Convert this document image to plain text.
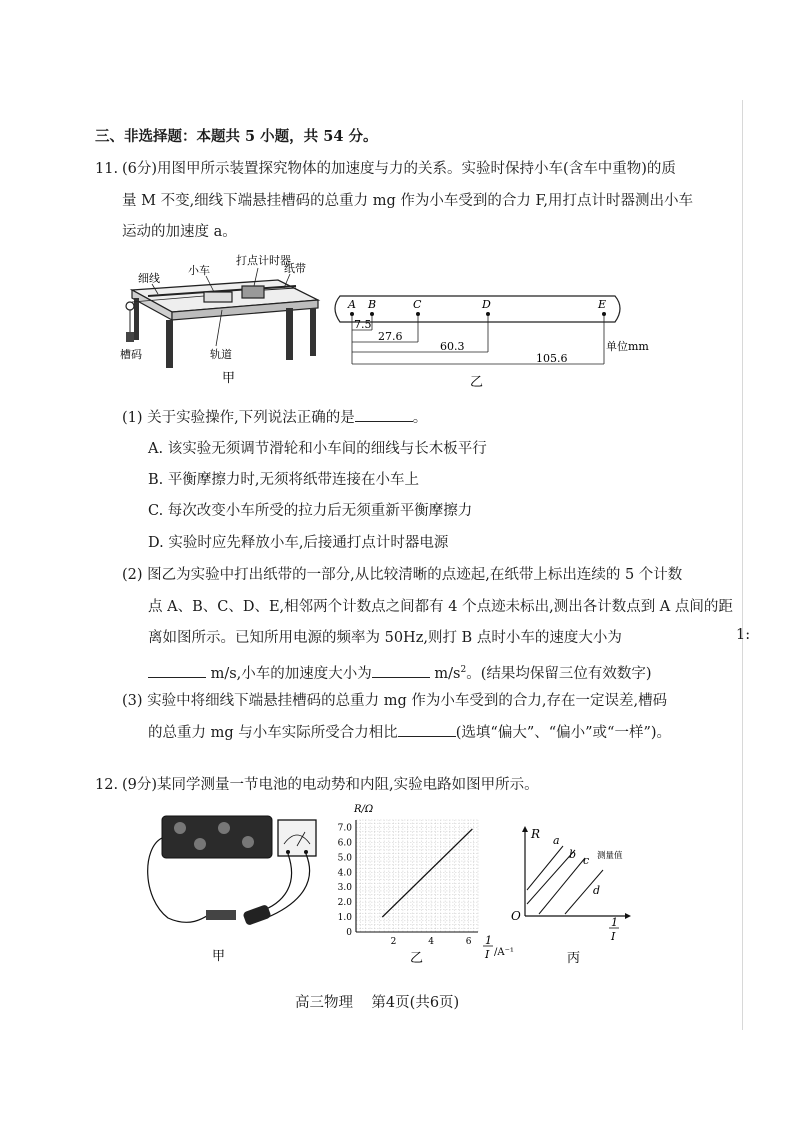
三、非选择题：本题共 5 小题，共 54 分。
11. (6分)用图甲所示装置探究物体的加速度与力的关系。实验时保持小车(含车中重物)的质
量 M 不变,细线下端悬挂槽码的总重力 mg 作为小车受到的合力 F,用打点计时器测出小车
运动的加速度 a。
打点计时器
小车	纸带
细线
槽码	轨道
甲
A B	C	D	E
7.5
27.6
60.3
105.6
单位mm
乙
(1) 关于实验操作,下列说法正确的是	。
A. 该实验无须调节滑轮和小车间的细线与长木板平行
B. 平衡摩擦力时,无须将纸带连接在小车上
C. 每次改变小车所受的拉力后无须重新平衡摩擦力
D. 实验时应先释放小车,后接通打点计时器电源
(2) 图乙为实验中打出纸带的一部分,从比较清晰的点迹起,在纸带上标出连续的 5 个计数
点 A、B、C、D、E,相邻两个计数点之间都有 4 个点迹未标出,测出各计数点到 A 点间的距
离如图所示。已知所用电源的频率为 50Hz,则打 B 点时小车的速度大小为
m/s,小车的加速度大小为	$m/s^2$。(结果均保留三位有效数字)
1:
(3) 实验中将细线下端悬挂槽码的总重力 mg 作为小车受到的合力,存在一定误差,槽码
的总重力 mg 与小车实际所受合力相比	(选填“偏大”、“偏小”或“一样”)。
12. (9分)某同学测量一节电池的电动势和内阻,实验电路如图甲所示。
甲
7.0
6.0
5.0
4.0
3.0
2.0
1.0
0
2	4	6
R/Ω
1
I /A⁻¹
乙
R
O
a
b c
d
测量值
1
I
丙
高三物理    第4页(共6页)
